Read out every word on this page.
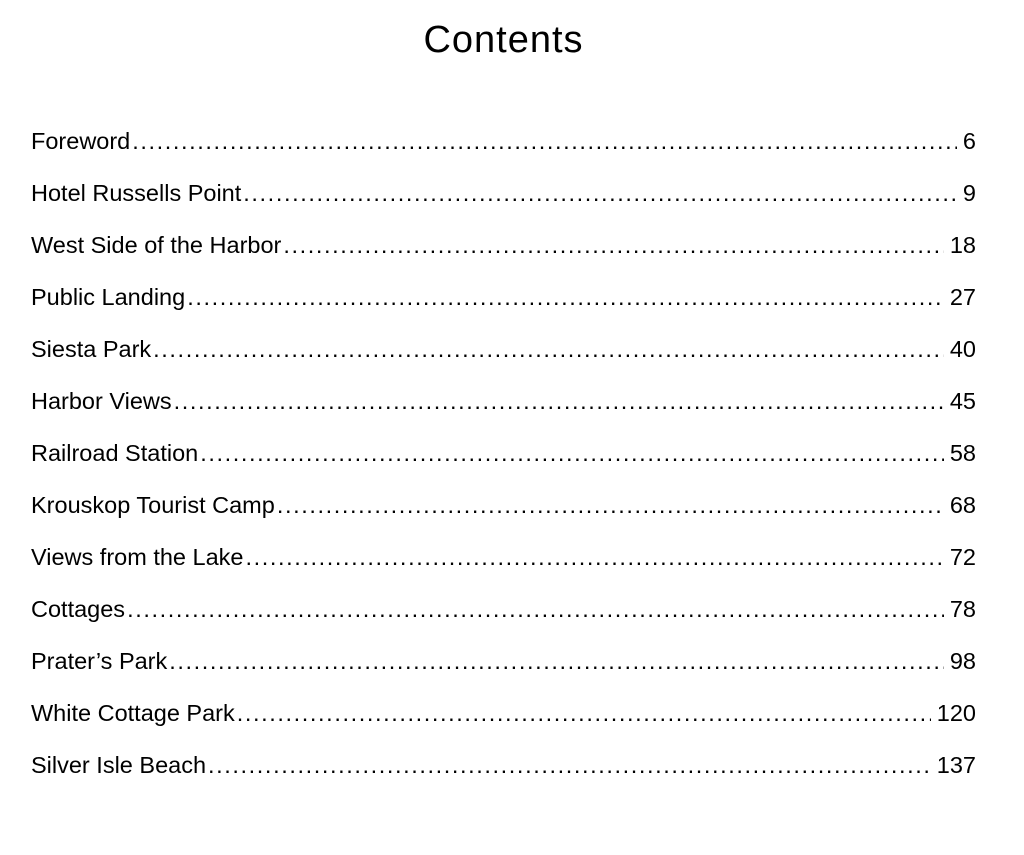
Contents
Foreword .....	6
Hotel Russells Point .....	9
West Side of the Harbor .....	18
Public Landing .....	27
Siesta Park .....	40
Harbor Views .....	45
Railroad Station .....	58
Krouskop Tourist Camp .....	68
Views from the Lake .....	72
Cottages .....	78
Prater’s Park .....	98
White Cottage Park .....	120
Silver Isle Beach .....	137
